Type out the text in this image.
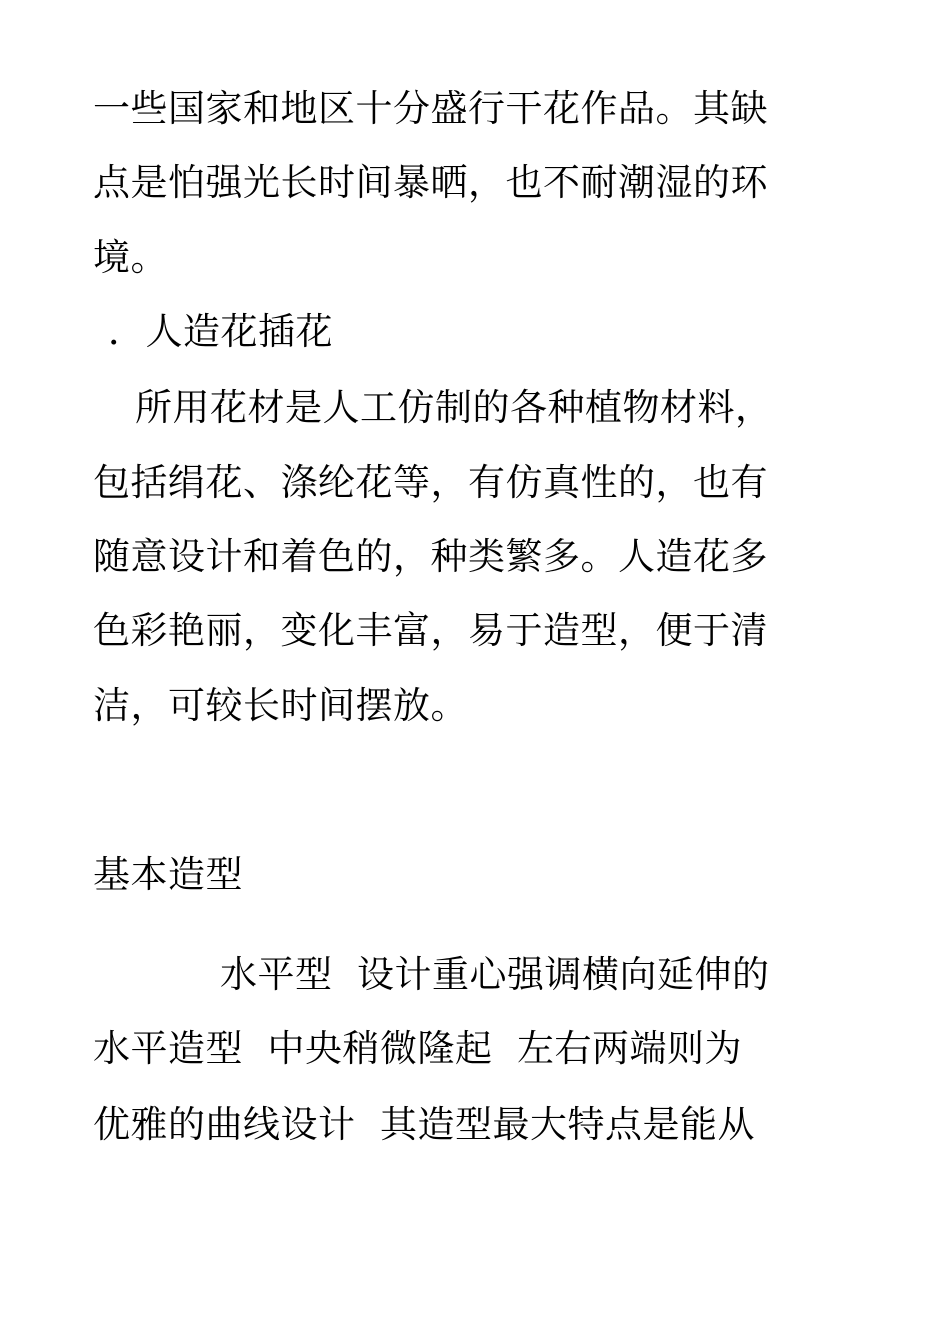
一些国家和地区十分盛行干花作品。其缺
点是怕强光长时间暴晒，也不耐潮湿的环
境。
．人造花插花
所用花材是人工仿制的各种植物材料，
包括绢花、涤纶花等，有仿真性的，也有
随意设计和着色的，种类繁多。人造花多
色彩艳丽，变化丰富，易于造型，便于清
洁，可较长时间摆放。
基本造型
水平型  设计重心强调横向延伸的
水平造型  中央稍微隆起  左右两端则为
优雅的曲线设计  其造型最大特点是能从
